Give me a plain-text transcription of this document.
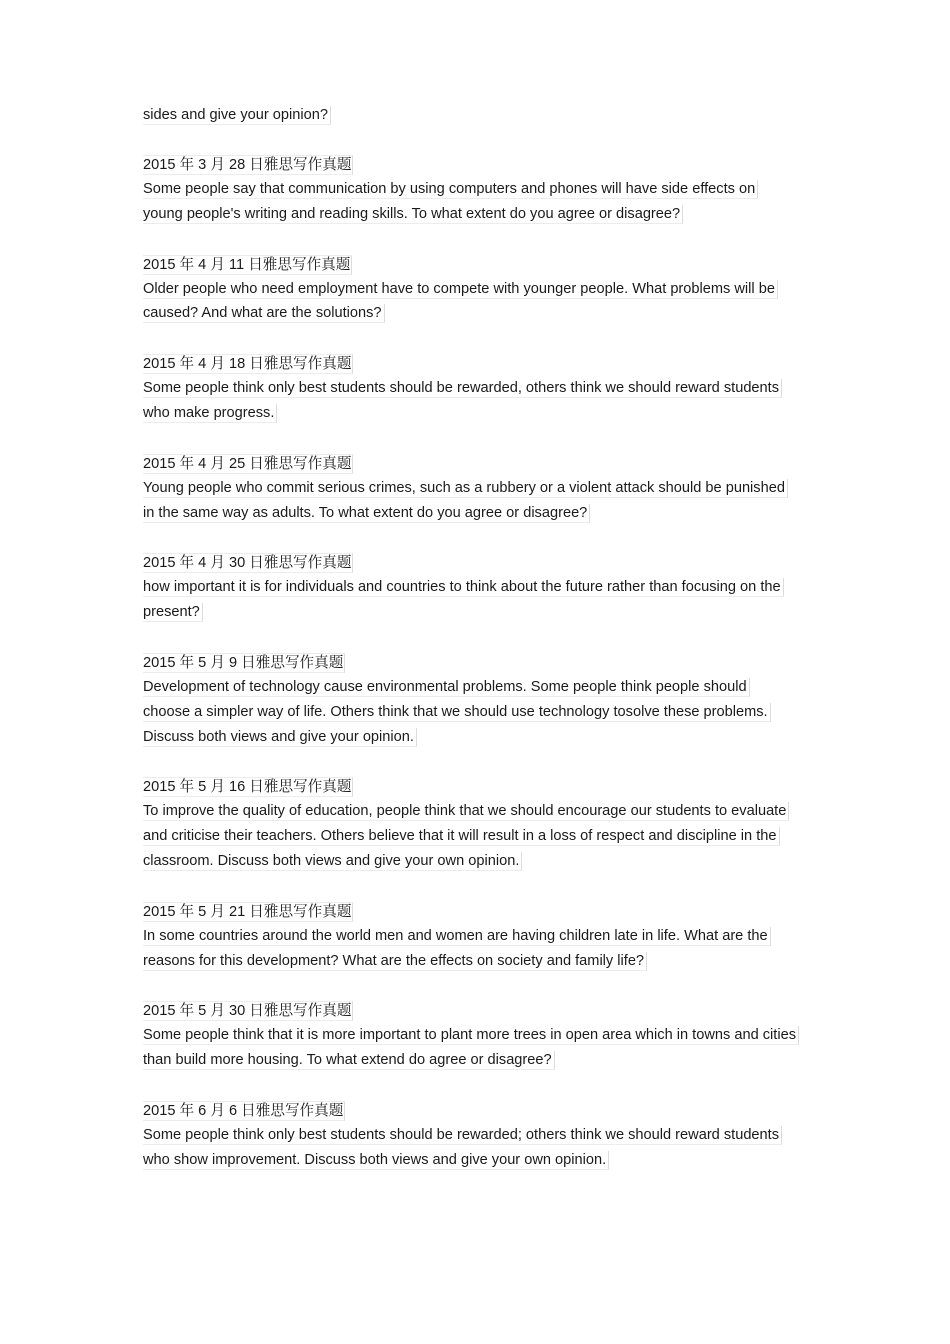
sides and give your opinion?
2015 年 3 月 28 日雅思写作真题
Some people say that communication by using computers and phones will have side effects on
young people's writing and reading skills. To what extent do you agree or disagree?
2015 年 4 月 11 日雅思写作真题
Older people who need employment have to compete with younger people. What problems will be
caused? And what are the solutions?
2015 年 4 月 18 日雅思写作真题
Some people think only best students should be rewarded, others think we should reward students
who make progress.
2015 年 4 月 25 日雅思写作真题
Young people who commit serious crimes, such as a rubbery or a violent attack should be punished
in the same way as adults. To what extent do you agree or disagree?
2015 年 4 月 30 日雅思写作真题
how important it is for individuals and countries to think about the future rather than focusing on the
present?
2015 年 5 月 9 日雅思写作真题
Development of technology cause environmental problems. Some people think people should
choose a simpler way of life. Others think that we should use technology tosolve these problems.
Discuss both views and give your opinion.
2015 年 5 月 16 日雅思写作真题
To improve the quality of education, people think that we should encourage our students to evaluate
and criticise their teachers. Others believe that it will result in a loss of respect and discipline in the
classroom. Discuss both views and give your own opinion.
2015 年 5 月 21 日雅思写作真题
In some countries around the world men and women are having children late in life. What are the
reasons for this development? What are the effects on society and family life?
2015 年 5 月 30 日雅思写作真题
Some people think that it is more important to plant more trees in open area which in towns and cities
than build more housing. To what extend do agree or disagree?
2015 年 6 月 6 日雅思写作真题
Some people think only best students should be rewarded; others think we should reward students
who show improvement. Discuss both views and give your own opinion.
